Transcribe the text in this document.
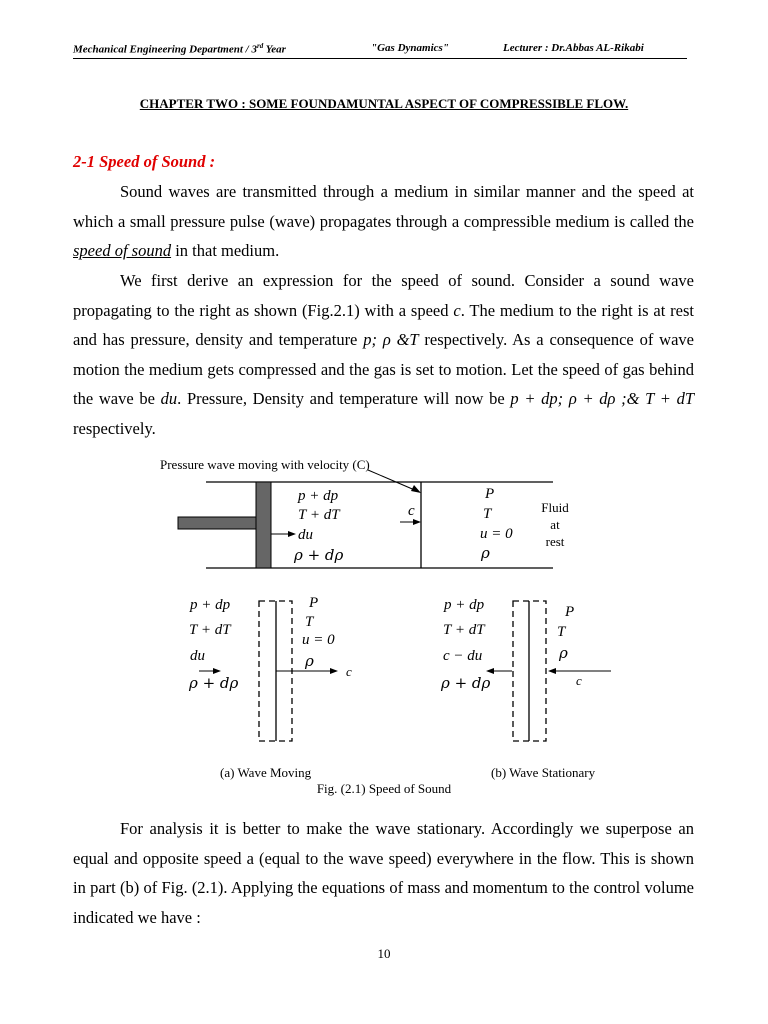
Mechanical Engineering Department / 3rd Year	"Gas Dynamics"	Lecturer : Dr.Abbas AL-Rikabi
CHAPTER TWO : SOME FOUNDAMUNTAL ASPECT OF COMPRESSIBLE FLOW.
2-1 Speed of Sound :

Sound waves are transmitted through a medium in similar manner and the speed at which a small pressure pulse (wave) propagates through a compressible medium is called the speed of sound in that medium.

We first derive an expression for the speed of sound. Consider a sound wave propagating to the right as shown (Fig.2.1) with a speed c. The medium to the right is at rest and has pressure, density and temperature p; ρ &T respectively. As a consequence of wave motion the medium gets compressed and the gas is set to motion. Let the speed of gas behind the wave be du. Pressure, Density and temperature will now be p + dp; ρ + dρ ;& T + dT respectively.

Pressure wave moving with velocity (C)
p + dp
T + dT
du
ρ + dρ
c
P
T
u = 0
ρ
Fluid
at
rest
p + dp
T + dT
du
ρ + dρ
P
T
u = 0
ρ
c
p + dp
T + dT
c − du
ρ + dρ
P
T
ρ
c
(a) Wave Moving	(b) Wave Stationary
Fig. (2.1) Speed of Sound

For analysis it is better to make the wave stationary. Accordingly we superpose an equal and opposite speed a (equal to the wave speed) everywhere in the flow. This is shown in part (b) of Fig. (2.1). Applying the equations of mass and momentum to the control volume indicated we have :

10
